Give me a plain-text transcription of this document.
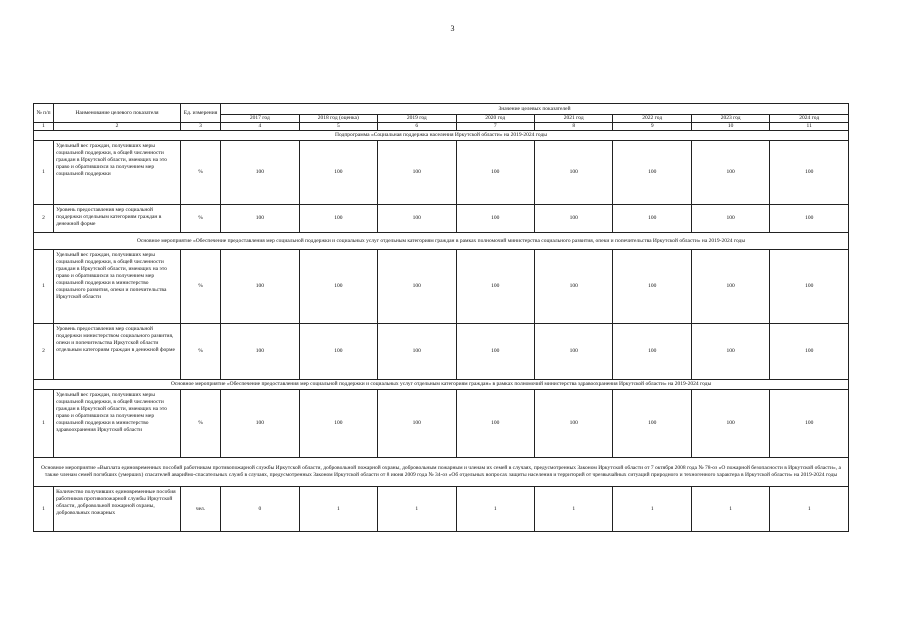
3
№ п/п	Наименование целевого показателя	Ед. измерения	Значение целевых показателей							
			2017 год	2018 год (оценка)	2019 год	2020 год	2021 год	2022 год	2023 год	2024 год
1	2	3	4	5	6	7	8	9	10	11
Подпрограмма «Социальная поддержка населения Иркутской области» на 2019-2024 годы										
1	Удельный вес граждан, получивших меры социальной поддержки, в общей численности граждан в Иркутской области, имеющих на это право и обратившихся за получением мер социальной поддержки	%	100	100	100	100	100	100	100	100
2	Уровень предоставления мер социальной поддержки отдельным категориям граждан в денежной форме	%	100	100	100	100	100	100	100	100
Основное мероприятие «Обеспечение предоставления мер социальной поддержки и социальных услуг отдельным категориям граждан в рамках полномочий министерства социального развития, опеки и попечительства Иркутской области» на 2019-2024 годы										
1	Удельный вес граждан, получивших меры социальной поддержки, в общей численности граждан в Иркутской области, имеющих на это право и обратившихся за получением мер социальной поддержки в министерство социального развития, опеки и попечительства Иркутской области	%	100	100	100	100	100	100	100	100
2	Уровень предоставления мер социальной поддержки министерством социального развития, опеки и попечительства Иркутской области отдельным категориям граждан в денежной форме	%	100	100	100	100	100	100	100	100
Основное мероприятие «Обеспечение предоставления мер социальной поддержки и социальных услуг отдельным категориям граждан» в рамках полномочий министерства здравоохранения Иркутской области» на 2019-2024 годы										
1	Удельный вес граждан, получивших меры социальной поддержки, в общей численности граждан в Иркутской области, имеющих на это право и обратившихся за получением мер социальной поддержки в министерство здравоохранения Иркутской области	%	100	100	100	100	100	100	100	100
Основное мероприятие «Выплата единовременных пособий работникам противопожарной службы Иркутской области, добровольной пожарной охраны, добровольным пожарным и членам их семей в случаях, предусмотренных Законом Иркутской области от 7 октября 2008 года № 78-оз «О пожарной безопасности в Иркутской области», а также членам семей погибших (умерших) спасателей аварийно-спасательных служб в случаях, предусмотренных Законом Иркутской области от 8 июня 2009 года № 34-оз «Об отдельных вопросах защиты населения и территорий от чрезвычайных ситуаций природного и техногенного характера в Иркутской области» на 2019-2024 годы										
1	Количество получивших единовременные пособия работников противопожарной службы Иркутской области, добровольной пожарной охраны, добровольных пожарных	чел.	0	1	1	1	1	1	1	1
